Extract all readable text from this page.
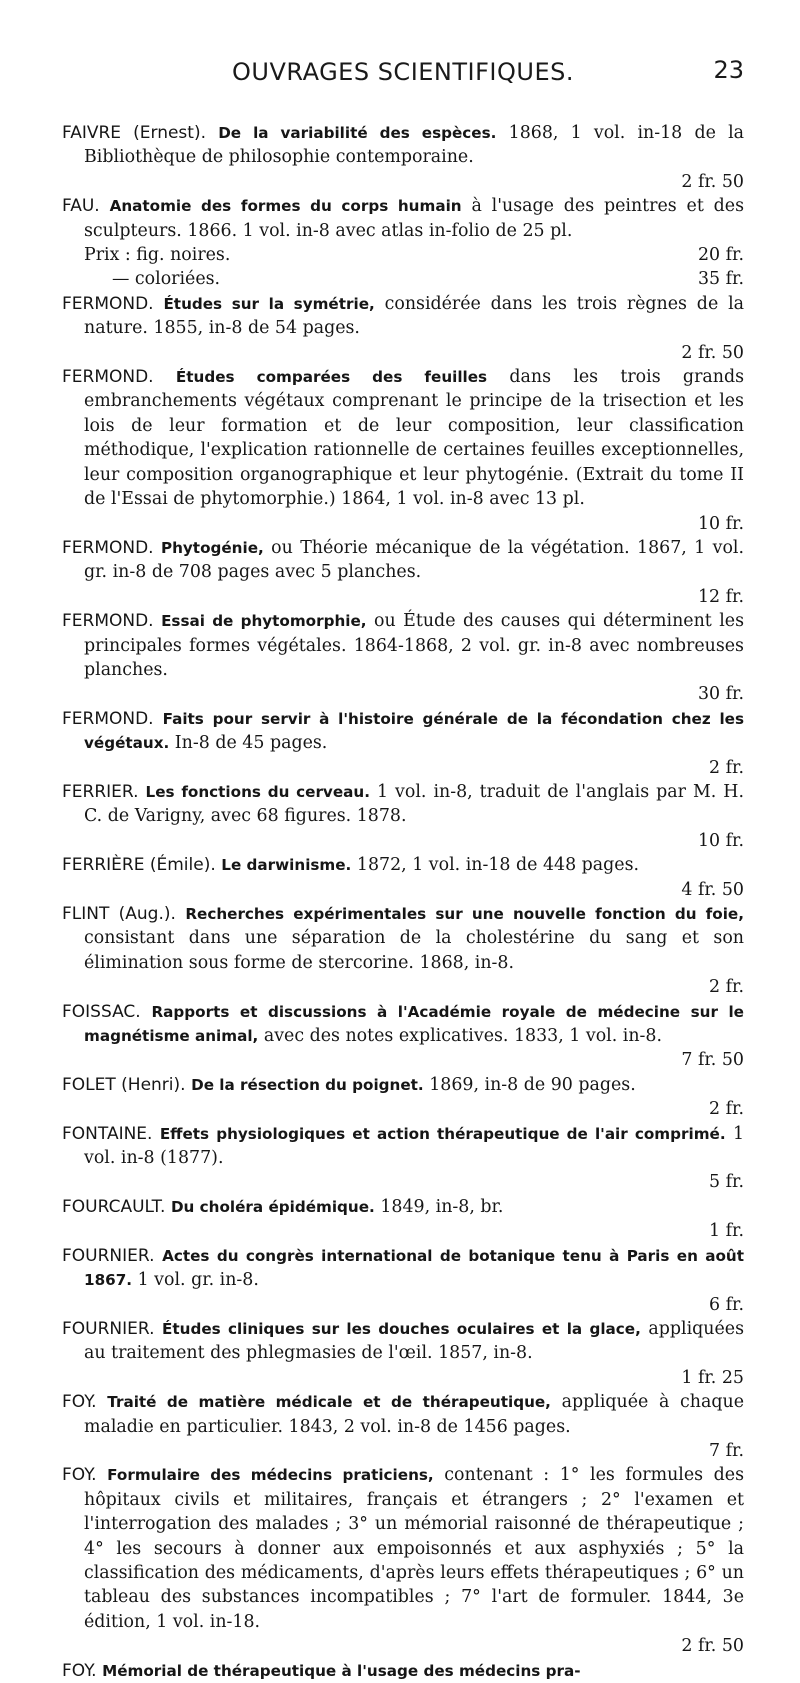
OUVRAGES SCIENTIFIQUES.	23

FAIVRE (Ernest). De la variabilité des espèces. 1868, 1 vol. in-18 de la Bibliothèque de philosophie contemporaine.
2 fr. 50

FAU. Anatomie des formes du corps humain à l'usage des peintres et des sculpteurs. 1866. 1 vol. in-8 avec atlas in-folio de 25 pl.

Prix : fig. noires.	20 fr.
— coloriées.	35 fr.

FERMOND. Études sur la symétrie, considérée dans les trois règnes de la nature. 1855, in-8 de 54 pages.
2 fr. 50

FERMOND. Études comparées des feuilles dans les trois grands embranchements végétaux comprenant le principe de la trisection et les lois de leur formation et de leur composition, leur classification méthodique, l'explication rationnelle de certaines feuilles exceptionnelles, leur composition organographique et leur phytogénie. (Extrait du tome II de l'Essai de phytomorphie.) 1864, 1 vol. in-8 avec 13 pl.
10 fr.

FERMOND. Phytogénie, ou Théorie mécanique de la végétation. 1867, 1 vol. gr. in-8 de 708 pages avec 5 planches.
12 fr.

FERMOND. Essai de phytomorphie, ou Étude des causes qui déterminent les principales formes végétales. 1864-1868, 2 vol. gr. in-8 avec nombreuses planches.
30 fr.

FERMOND. Faits pour servir à l'histoire générale de la fécondation chez les végétaux. In-8 de 45 pages.
2 fr.

FERRIER. Les fonctions du cerveau. 1 vol. in-8, traduit de l'anglais par M. H. C. de Varigny, avec 68 figures. 1878.
10 fr.

FERRIÈRE (Émile). Le darwinisme. 1872, 1 vol. in-18 de 448 pages.
4 fr. 50

FLINT (Aug.). Recherches expérimentales sur une nouvelle fonction du foie, consistant dans une séparation de la cholestérine du sang et son élimination sous forme de stercorine. 1868, in-8.
2 fr.

FOISSAC. Rapports et discussions à l'Académie royale de médecine sur le magnétisme animal, avec des notes explicatives. 1833, 1 vol. in-8.
7 fr. 50

FOLET (Henri). De la résection du poignet. 1869, in-8 de 90 pages.
2 fr.

FONTAINE. Effets physiologiques et action thérapeutique de l'air comprimé. 1 vol. in-8 (1877).
5 fr.

FOURCAULT. Du choléra épidémique. 1849, in-8, br.
1 fr.

FOURNIER. Actes du congrès international de botanique tenu à Paris en août 1867. 1 vol. gr. in-8.
6 fr.

FOURNIER. Études cliniques sur les douches oculaires et la glace, appliquées au traitement des phlegmasies de l'œil. 1857, in-8.
1 fr. 25

FOY. Traité de matière médicale et de thérapeutique, appliquée à chaque maladie en particulier. 1843, 2 vol. in-8 de 1456 pages.
7 fr.

FOY. Formulaire des médecins praticiens, contenant : 1° les formules des hôpitaux civils et militaires, français et étrangers ; 2° l'examen et l'interrogation des malades ; 3° un mémorial raisonné de thérapeutique ; 4° les secours à donner aux empoisonnés et aux asphyxiés ; 5° la classification des médicaments, d'après leurs effets thérapeutiques ; 6° un tableau des substances incompatibles ; 7° l'art de formuler. 1844, 3e édition, 1 vol. in-18.
2 fr. 50

FOY. Mémorial de thérapeutique à l'usage des médecins pra-
